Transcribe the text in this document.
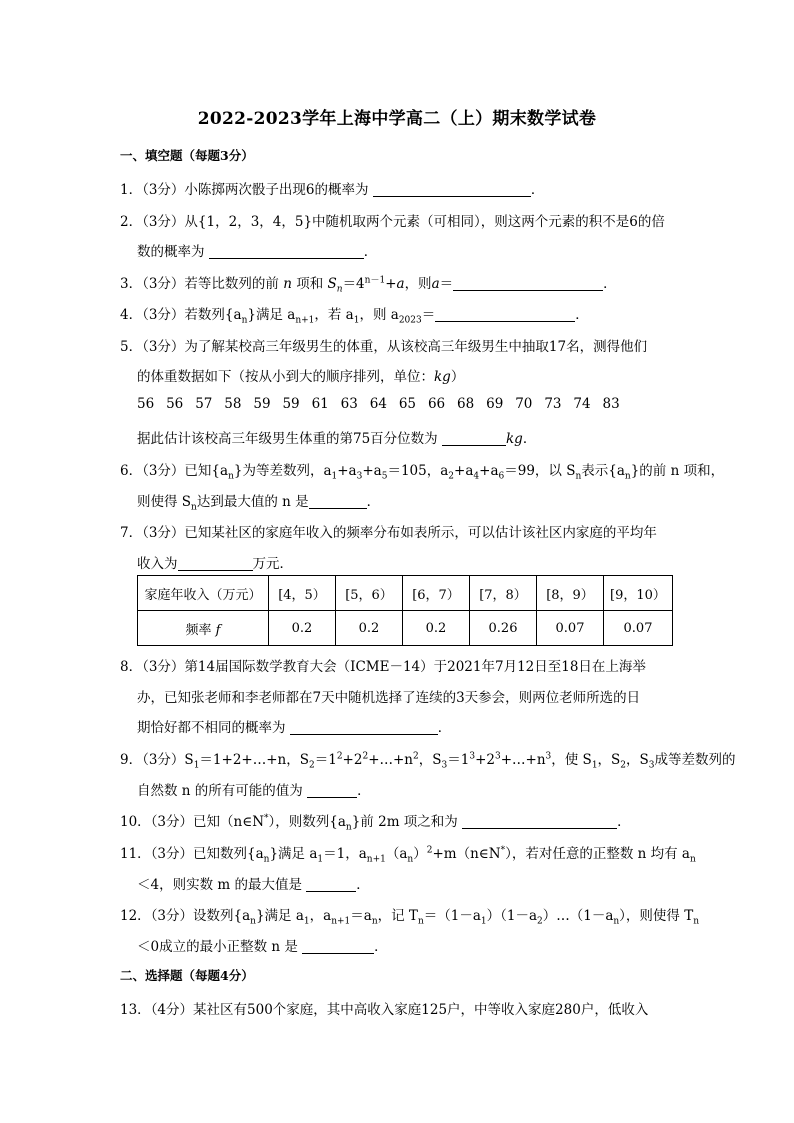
2022-2023学年上海中学高二（上）期末数学试卷
一、填空题（每题3分）
1．（3分）小陈掷两次骰子出现6的概率为	．
2．（3分）从{1，2，3，4，5}中随机取两个元素（可相同），则这两个元素的积不是6的倍
数的概率为	．
3．（3分）若等比数列的前 n 项和 $S_n=4^{n-1}+a$，则a＝	．
4．（3分）若数列$\{a_n\}$满足 $a_{n+1}$，若 $a_1$，则 $a_{2023}=$	．
5．（3分）为了解某校高三年级男生的体重，从该校高三年级男生中抽取17名，测得他们
的体重数据如下（按从小到大的顺序排列，单位：kg）
56 56 57 58 59 59 61 63 64 65 66 68 69 70 73 74 83
据此估计该校高三年级男生体重的第75百分位数为	kg．
6．（3分）已知$\{a_n\}$为等差数列，$a_1+a_3+a_5=105$，$a_2+a_4+a_6=99$，以 $S_n$表示$\{a_n\}$的前 n 项和，
则使得 $S_n$达到最大值的 n 是	．
7．（3分）已知某社区的家庭年收入的频率分布如表所示，可以估计该社区内家庭的平均年
收入为	万元．
家庭年收入（万元）	[4，5）	[5，6）	[6，7）	[7，8）	[8，9）	[9，10）
频率 f	0.2	0.2	0.2	0.26	0.07	0.07
8．（3分）第14届国际数学教育大会（ICME－14）于2021年7月12日至18日在上海举
办，已知张老师和李老师都在7天中随机选择了连续的3天参会，则两位老师所选的日
期恰好都不相同的概率为	．
9．（3分）$S_1=1+2+\dots+n$，$S_2=1^2+2^2+\dots+n^2$，$S_3=1^3+2^3+\dots+n^3$，使 $S_1$，$S_2$，$S_3$成等差数列的
自然数 n 的所有可能的值为	．
10．（3分）已知（n∈N*），则数列$\{a_n\}$前 2m 项之和为	．
11．（3分）已知数列$\{a_n\}$满足 $a_1=1$，$a_{n+1}(a_n)^2+m(n\in N^*)$，若对任意的正整数 n 均有 $a_n$
＜4，则实数 m 的最大值是	．
12．（3分）设数列$\{a_n\}$满足 $a_1$，$a_{n+1}=a_n$，记 $T_n=(1-a_1)(1-a_2)\dots(1-a_n)$，则使得 $T_n$
＜0成立的最小正整数 n 是	．
二、选择题（每题4分）
13．（4分）某社区有500个家庭，其中高收入家庭125户，中等收入家庭280户，低收入
